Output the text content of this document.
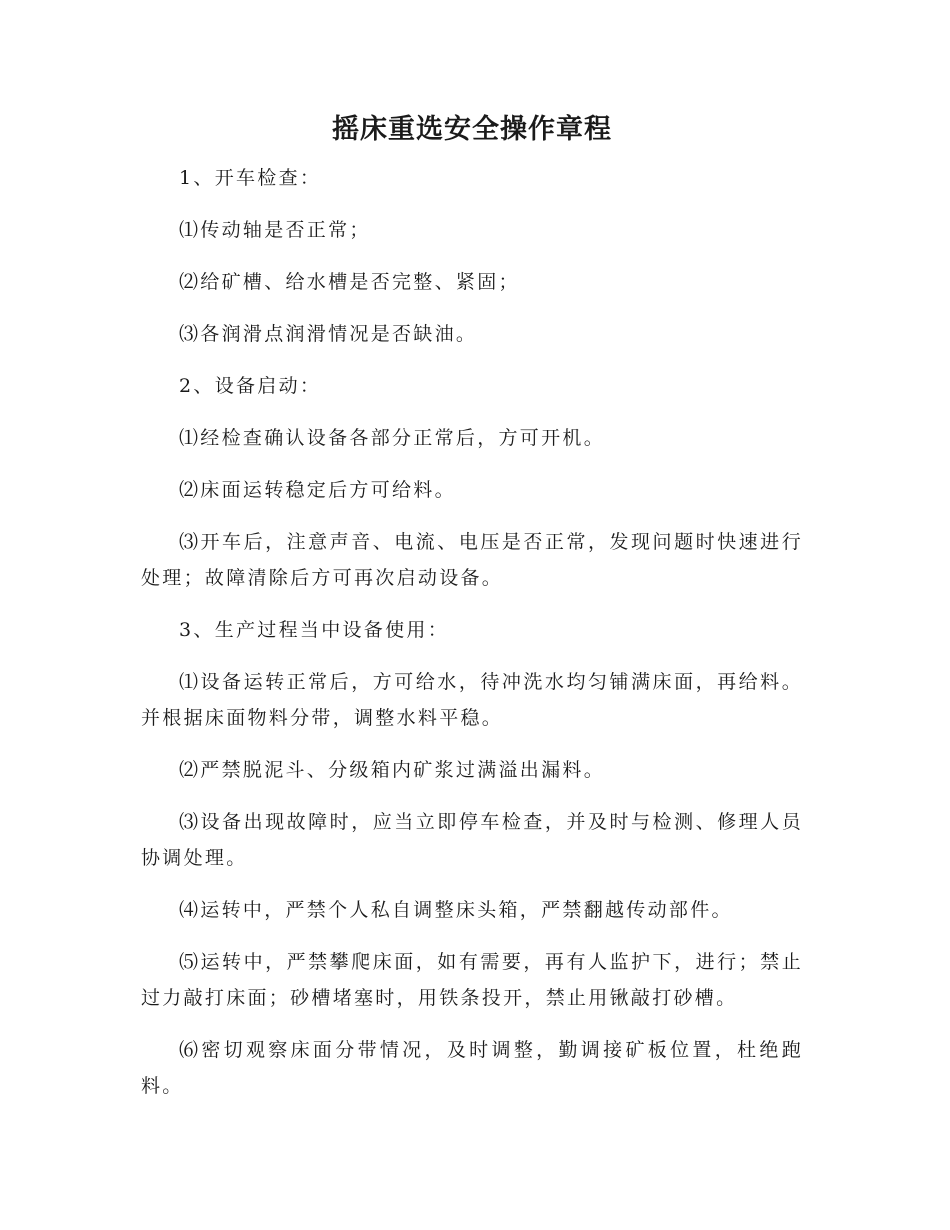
摇床重选安全操作章程

1、开车检查：

⑴传动轴是否正常；

⑵给矿槽、给水槽是否完整、紧固；

⑶各润滑点润滑情况是否缺油。

2、设备启动：

⑴经检查确认设备各部分正常后，方可开机。

⑵床面运转稳定后方可给料。

⑶开车后，注意声音、电流、电压是否正常，发现问题时快速进行处理；故障清除后方可再次启动设备。

3、生产过程当中设备使用：

⑴设备运转正常后，方可给水，待冲洗水均匀铺满床面，再给料。并根据床面物料分带，调整水料平稳。

⑵严禁脱泥斗、分级箱内矿浆过满溢出漏料。

⑶设备出现故障时，应当立即停车检查，并及时与检测、修理人员协调处理。

⑷运转中，严禁个人私自调整床头箱，严禁翻越传动部件。

⑸运转中，严禁攀爬床面，如有需要，再有人监护下，进行；禁止过力敲打床面；砂槽堵塞时，用铁条投开，禁止用锹敲打砂槽。

⑹密切观察床面分带情况，及时调整，勤调接矿板位置，杜绝跑料。
